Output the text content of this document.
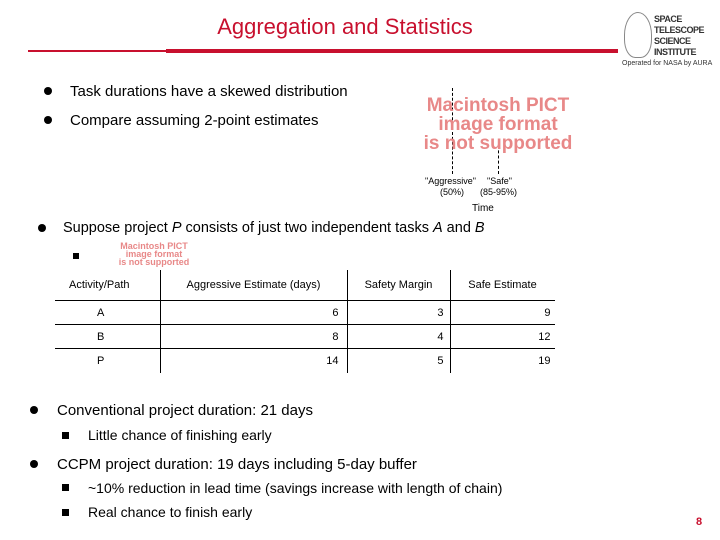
Aggregation and Statistics	SPACE
TELESCOPE
SCIENCE
INSTITUTE
Operated for NASA by AURA
Task durations have a skewed distribution
Compare assuming 2-point estimates
Macintosh PICT
image format
is not supported
"Aggressive" "Safe"
(50%) (85-95%)
Time
Suppose project P consists of just two independent tasks A and B
Macintosh PICT
image format
is not supported
Activity/Path	Aggressive Estimate (days)	Safety Margin	Safe Estimate
A	6	3	9
B	8	4	12
P	14	5	19
Conventional project duration: 21 days
Little chance of finishing early
CCPM project duration: 19 days including 5-day buffer
~10% reduction in lead time (savings increase with length of chain)
Real chance to finish early
8
